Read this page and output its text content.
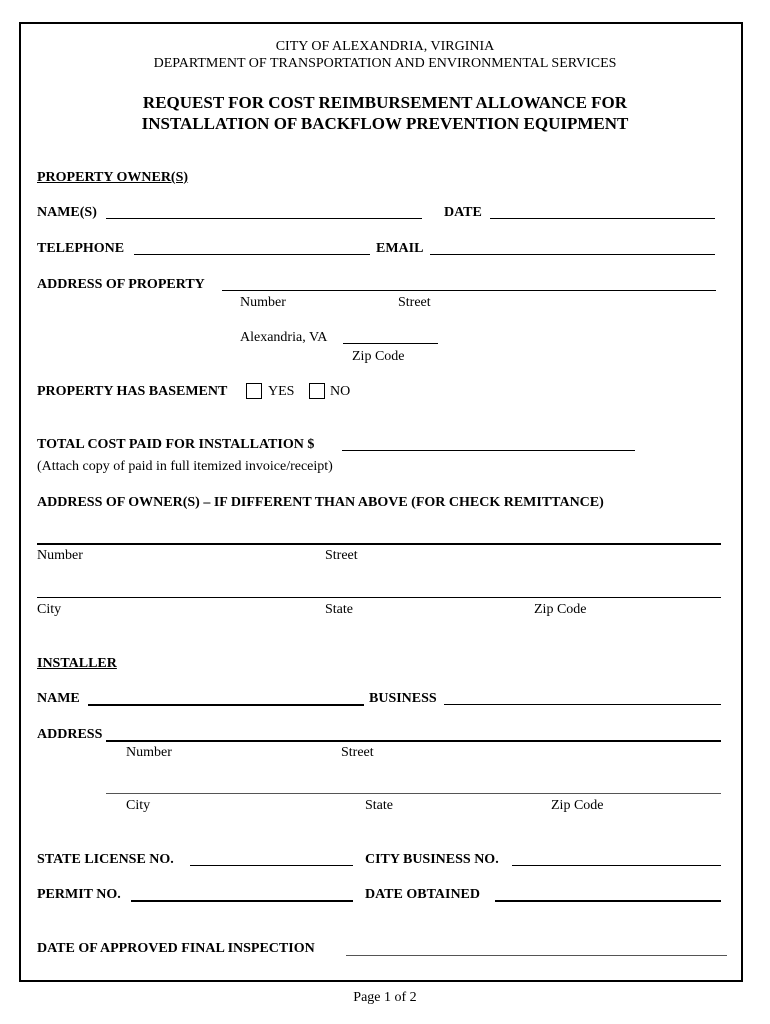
CITY OF ALEXANDRIA, VIRGINIA
DEPARTMENT OF TRANSPORTATION AND ENVIRONMENTAL SERVICES
REQUEST FOR COST REIMBURSEMENT ALLOWANCE FOR
INSTALLATION OF BACKFLOW PREVENTION EQUIPMENT
PROPERTY OWNER(S)
NAME(S)	DATE
TELEPHONE	EMAIL
ADDRESS OF PROPERTY
Number	Street
Alexandria, VA
Zip Code
PROPERTY HAS BASEMENT	YES	NO
TOTAL COST PAID FOR INSTALLATION $
(Attach copy of paid in full itemized invoice/receipt)
ADDRESS OF OWNER(S) – IF DIFFERENT THAN ABOVE (FOR CHECK REMITTANCE)
Number	Street
City	State	Zip Code
INSTALLER
NAME	BUSINESS
ADDRESS
Number	Street
City	State	Zip Code
STATE LICENSE NO.	CITY BUSINESS NO.
PERMIT NO.	DATE OBTAINED
DATE OF APPROVED FINAL INSPECTION
Page 1 of 2
